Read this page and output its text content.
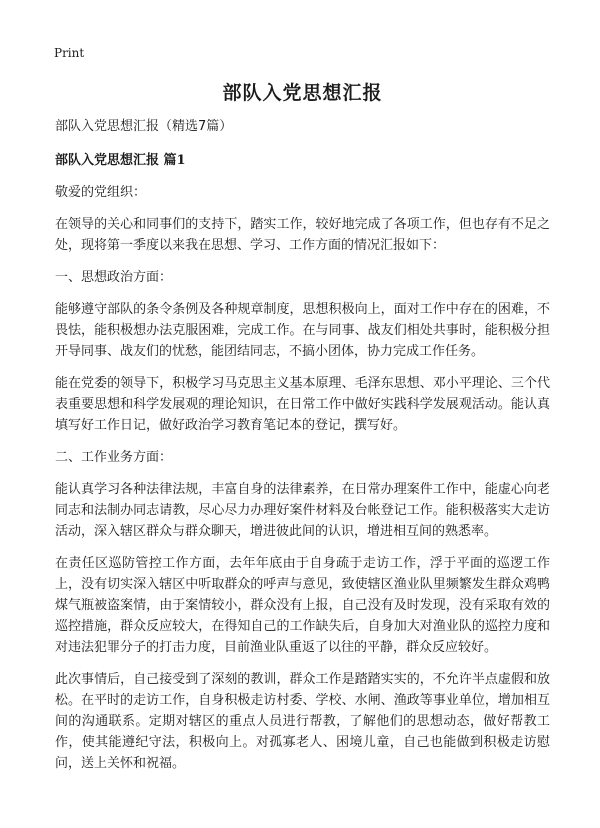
Print
部队入党思想汇报
部队入党思想汇报（精选7篇）
部队入党思想汇报 篇1
敬爱的党组织：
在领导的关心和同事们的支持下，踏实工作，较好地完成了各项工作，但也存有不足之处，现将第一季度以来我在思想、学习、工作方面的情况汇报如下：
一、思想政治方面：
能够遵守部队的条令条例及各种规章制度，思想积极向上，面对工作中存在的困难，不畏怯，能积极想办法克服困难，完成工作。在与同事、战友们相处共事时，能积极分担开导同事、战友们的忧愁，能团结同志，不搞小团体，协力完成工作任务。
能在党委的领导下，积极学习马克思主义基本原理、毛泽东思想、邓小平理论、三个代表重要思想和科学发展观的理论知识，在日常工作中做好实践科学发展观活动。能认真填写好工作日记，做好政治学习教育笔记本的登记，撰写好。
二、工作业务方面：
能认真学习各种法律法规，丰富自身的法律素养，在日常办理案件工作中，能虚心向老同志和法制办同志请教，尽心尽力办理好案件材料及台帐登记工作。能积极落实大走访活动，深入辖区群众与群众聊天，增进彼此间的认识，增进相互间的熟悉率。
在责任区巡防管控工作方面，去年年底由于自身疏于走访工作，浮于平面的巡逻工作上，没有切实深入辖区中听取群众的呼声与意见，致使辖区渔业队里频繁发生群众鸡鸭煤气瓶被盗案情，由于案情较小，群众没有上报，自己没有及时发现，没有采取有效的巡控措施，群众反应较大，在得知自己的工作缺失后，自身加大对渔业队的巡控力度和对违法犯罪分子的打击力度，目前渔业队重返了以往的平静，群众反应较好。
此次事情后，自己接受到了深刻的教训，群众工作是踏踏实实的，不允许半点虚假和放松。在平时的走访工作，自身积极走访村委、学校、水闸、渔政等事业单位，增加相互间的沟通联系。定期对辖区的重点人员进行帮教，了解他们的思想动态，做好帮教工作，使其能遵纪守法，积极向上。对孤寡老人、困境儿童，自己也能做到积极走访慰问，送上关怀和祝福。
